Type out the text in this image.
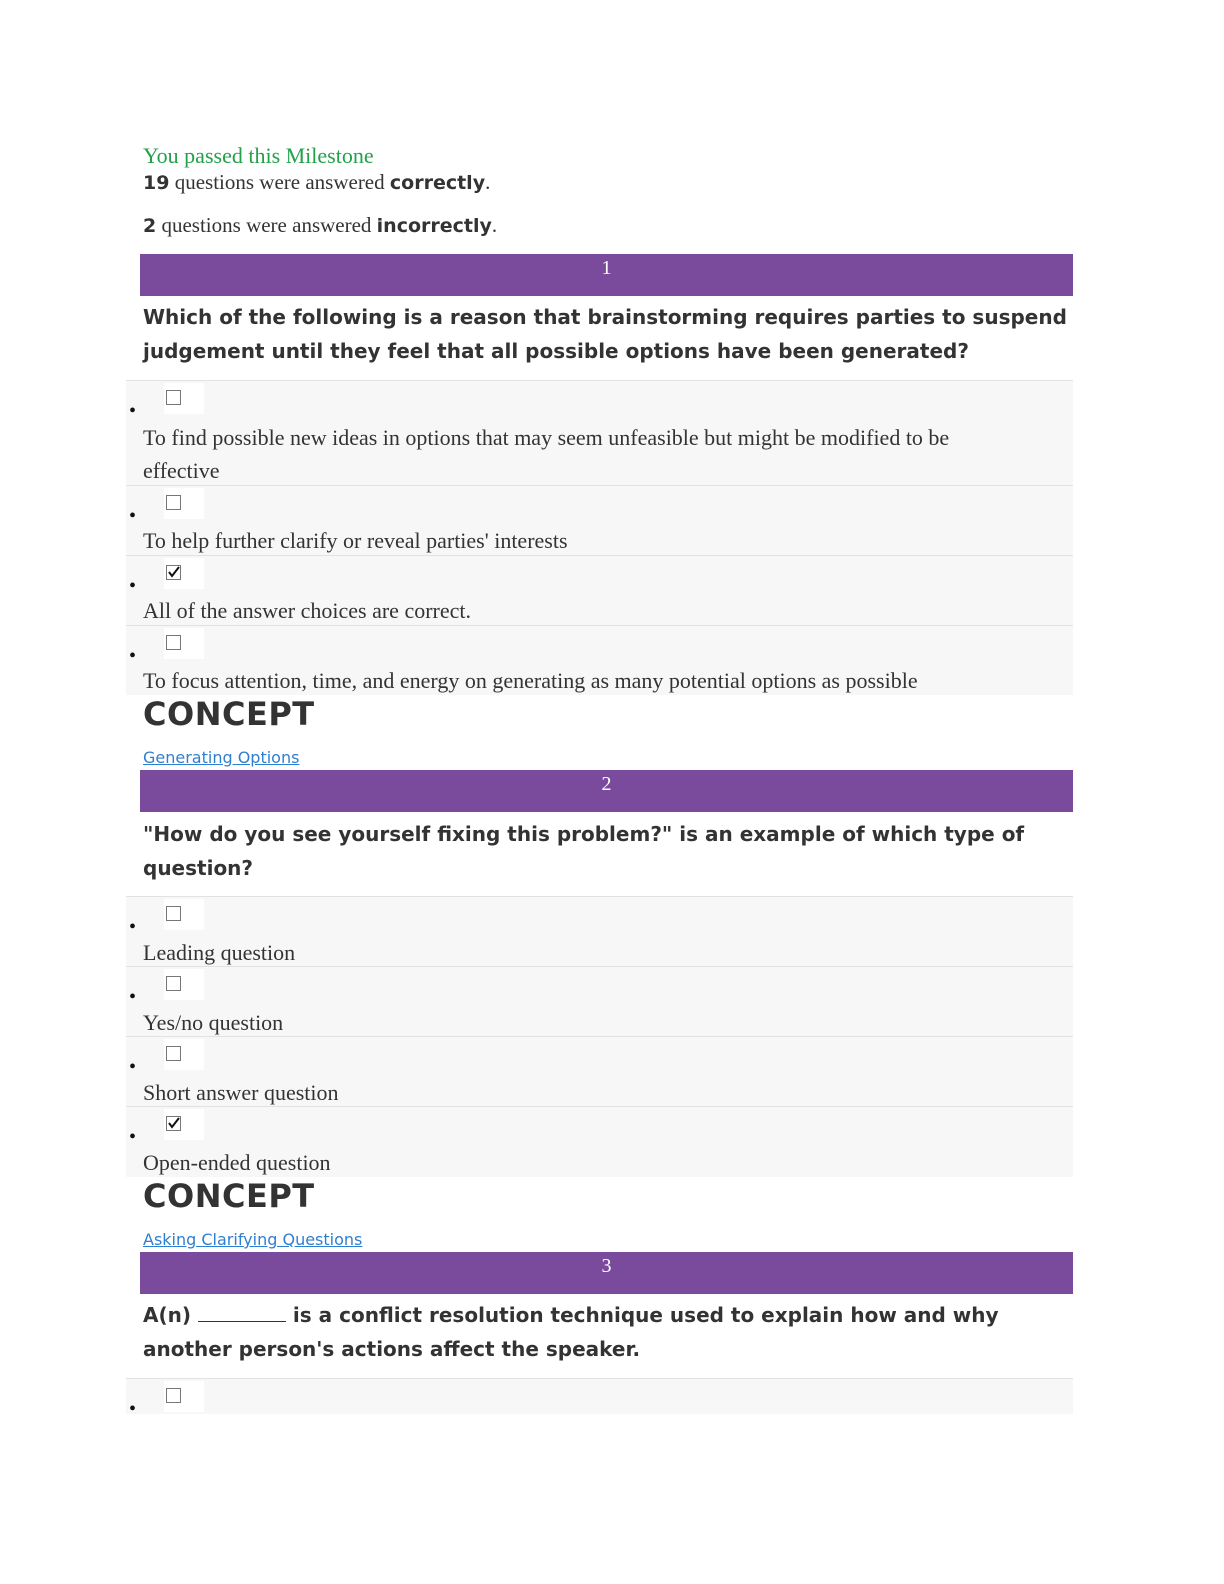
You passed this Milestone
19 questions were answered correctly.
2 questions were answered incorrectly.
1

Which of the following is a reason that brainstorming requires parties to suspend judgement until they feel that all possible options have been generated?

•
To find possible new ideas in options that may seem unfeasible but might be modified to be effective
•
To help further clarify or reveal parties' interests
•
All of the answer choices are correct.
•
To focus attention, time, and energy on generating as many potential options as possible
CONCEPT
Generating Options
2

"How do you see yourself fixing this problem?" is an example of which type of question?

•
Leading question
•
Yes/no question
•
Short answer question
•
Open-ended question
CONCEPT
Asking Clarifying Questions
3

A(n)	is a conflict resolution technique used to explain how and why another person's actions affect the speaker.

•
